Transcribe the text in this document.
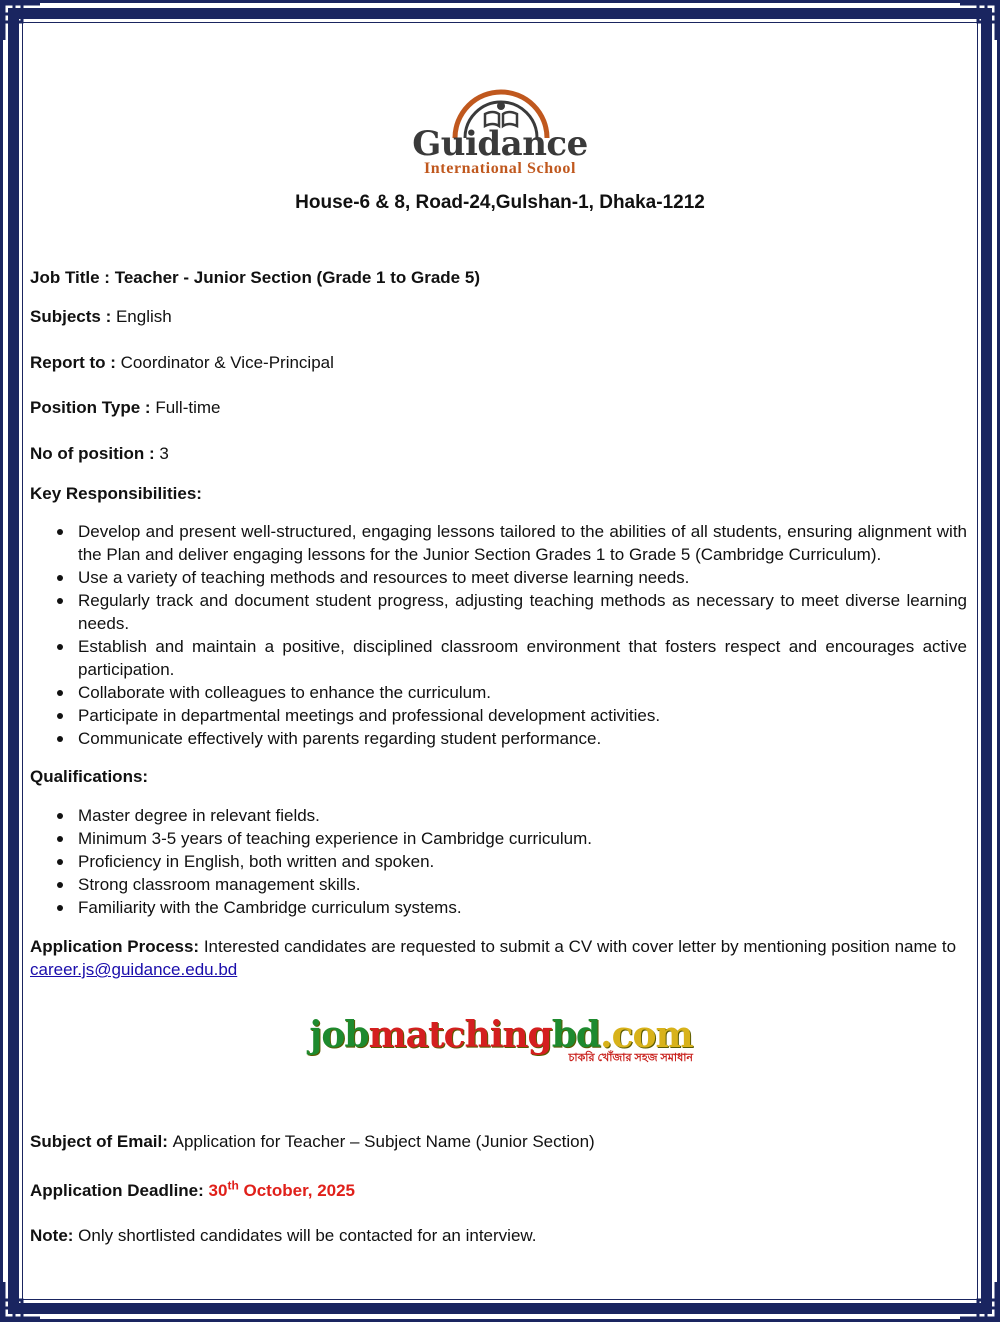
Guidance
International School
House-6 & 8, Road-24,Gulshan-1, Dhaka-1212
Job Title : Teacher - Junior Section (Grade 1 to Grade 5)
Subjects : English
Report to : Coordinator & Vice-Principal
Position Type : Full-time
No of position : 3
Key Responsibilities:
Develop and present well-structured, engaging lessons tailored to the abilities of all students, ensuring alignment with the Plan and deliver engaging lessons for the Junior Section Grades 1 to Grade 5 (Cambridge Curriculum).
Use a variety of teaching methods and resources to meet diverse learning needs.
Regularly track and document student progress, adjusting teaching methods as necessary to meet diverse learning needs.
Establish and maintain a positive, disciplined classroom environment that fosters respect and encourages active participation.
Collaborate with colleagues to enhance the curriculum.
Participate in departmental meetings and professional development activities.
Communicate effectively with parents regarding student performance.
Qualifications:
Master degree in relevant fields.
Minimum 3-5 years of teaching experience in Cambridge curriculum.
Proficiency in English, both written and spoken.
Strong classroom management skills.
Familiarity with the Cambridge curriculum systems.
Application Process: Interested candidates are requested to submit a CV with cover letter by mentioning position name to career.js@guidance.edu.bd
jobmatchingbd.com
চাকরি খোঁজার সহজ সমাধান
Subject of Email: Application for Teacher – Subject Name (Junior Section)
Application Deadline: 30th October, 2025
Note: Only shortlisted candidates will be contacted for an interview.
